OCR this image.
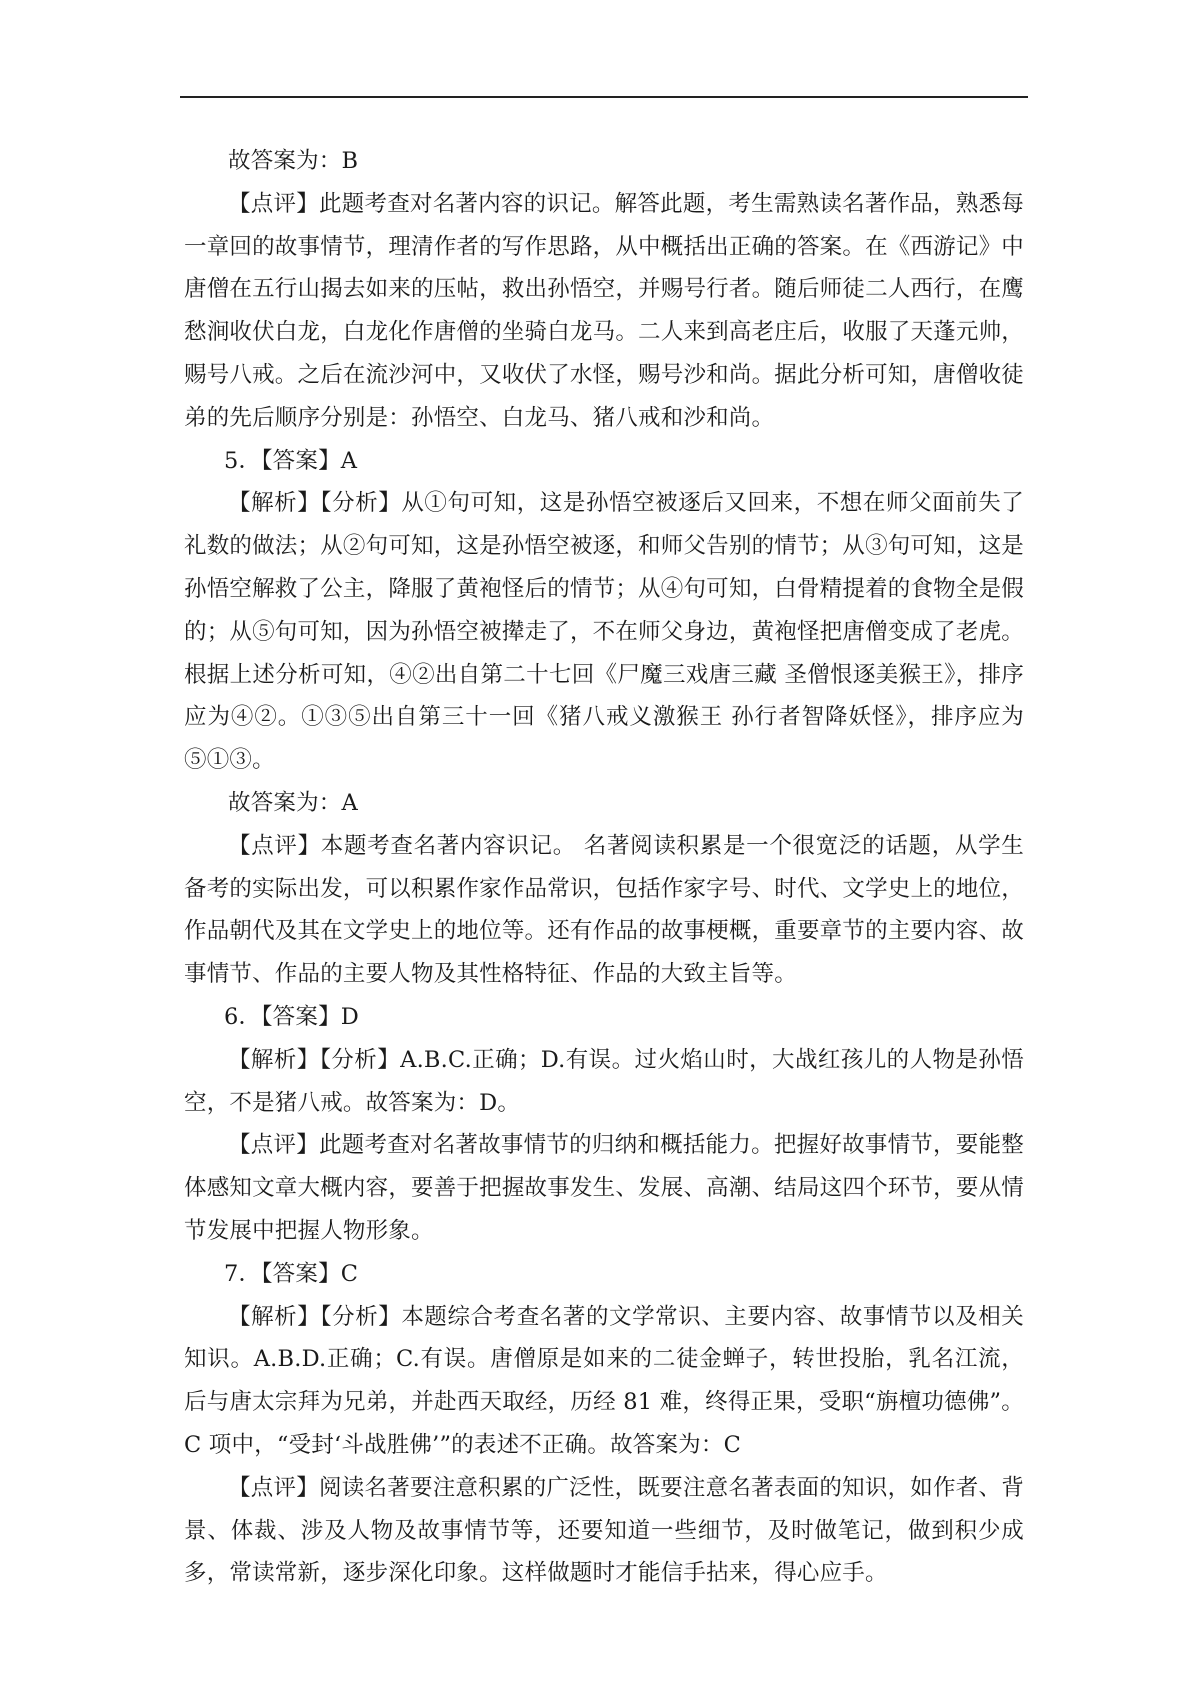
故答案为：B

【点评】此题考查对名著内容的识记。解答此题，考生需熟读名著作品，熟悉每一章回的故事情节，理清作者的写作思路，从中概括出正确的答案。在《西游记》中唐僧在五行山揭去如来的压帖，救出孙悟空，并赐号行者。随后师徒二人西行，在鹰愁涧收伏白龙，白龙化作唐僧的坐骑白龙马。二人来到高老庄后，收服了天蓬元帅，赐号八戒。之后在流沙河中，又收伏了水怪，赐号沙和尚。据此分析可知，唐僧收徒弟的先后顺序分别是：孙悟空、白龙马、猪八戒和沙和尚。

5．【答案】A

【解析】【分析】从①句可知，这是孙悟空被逐后又回来，不想在师父面前失了礼数的做法；从②句可知，这是孙悟空被逐，和师父告别的情节；从③句可知，这是孙悟空解救了公主，降服了黄袍怪后的情节；从④句可知，白骨精提着的食物全是假的；从⑤句可知，因为孙悟空被撵走了，不在师父身边，黄袍怪把唐僧变成了老虎。根据上述分析可知，④②出自第二十七回《尸魔三戏唐三藏 圣僧恨逐美猴王》，排序应为④②。①③⑤出自第三十一回《猪八戒义激猴王 孙行者智降妖怪》，排序应为⑤①③。

故答案为：A

【点评】本题考查名著内容识记。 名著阅读积累是一个很宽泛的话题，从学生备考的实际出发，可以积累作家作品常识，包括作家字号、时代、文学史上的地位，作品朝代及其在文学史上的地位等。还有作品的故事梗概，重要章节的主要内容、故事情节、作品的主要人物及其性格特征、作品的大致主旨等。

6．【答案】D

【解析】【分析】A.B.C.正确；D.有误。过火焰山时，大战红孩儿的人物是孙悟空，不是猪八戒。故答案为：D。

【点评】此题考查对名著故事情节的归纳和概括能力。把握好故事情节，要能整体感知文章大概内容，要善于把握故事发生、发展、高潮、结局这四个环节，要从情节发展中把握人物形象。

7．【答案】C

【解析】【分析】本题综合考查名著的文学常识、主要内容、故事情节以及相关知识。A.B.D.正确；C.有误。唐僧原是如来的二徒金蝉子，转世投胎，乳名江流，后与唐太宗拜为兄弟，并赴西天取经，历经 81 难，终得正果，受职“旃檀功德佛”。C 项中，“受封‘斗战胜佛’”的表述不正确。故答案为：C

【点评】阅读名著要注意积累的广泛性，既要注意名著表面的知识，如作者、背景、体裁、涉及人物及故事情节等，还要知道一些细节，及时做笔记，做到积少成多，常读常新，逐步深化印象。这样做题时才能信手拈来，得心应手。
